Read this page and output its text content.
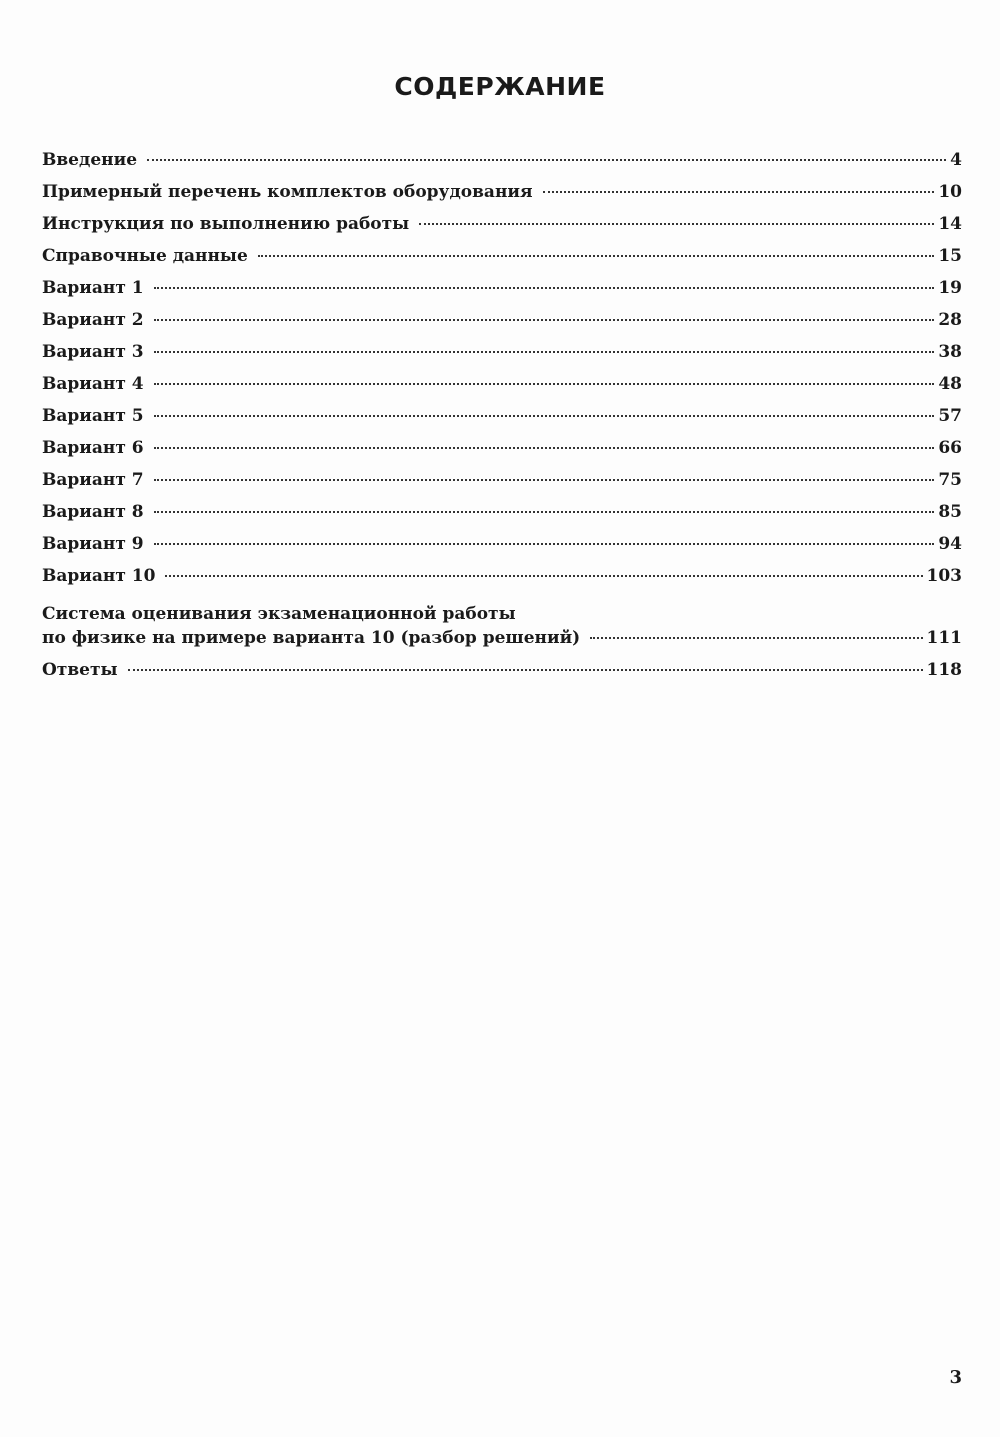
СОДЕРЖАНИЕ
Введение	4
Примерный перечень комплектов оборудования	10
Инструкция по выполнению работы	14
Справочные данные	15
Вариант 1	19
Вариант 2	28
Вариант 3	38
Вариант 4	48
Вариант 5	57
Вариант 6	66
Вариант 7	75
Вариант 8	85
Вариант 9	94
Вариант 10	103
Система оценивания экзаменационной работы
по физике на примере варианта 10 (разбор решений)	111
Ответы	118
3
